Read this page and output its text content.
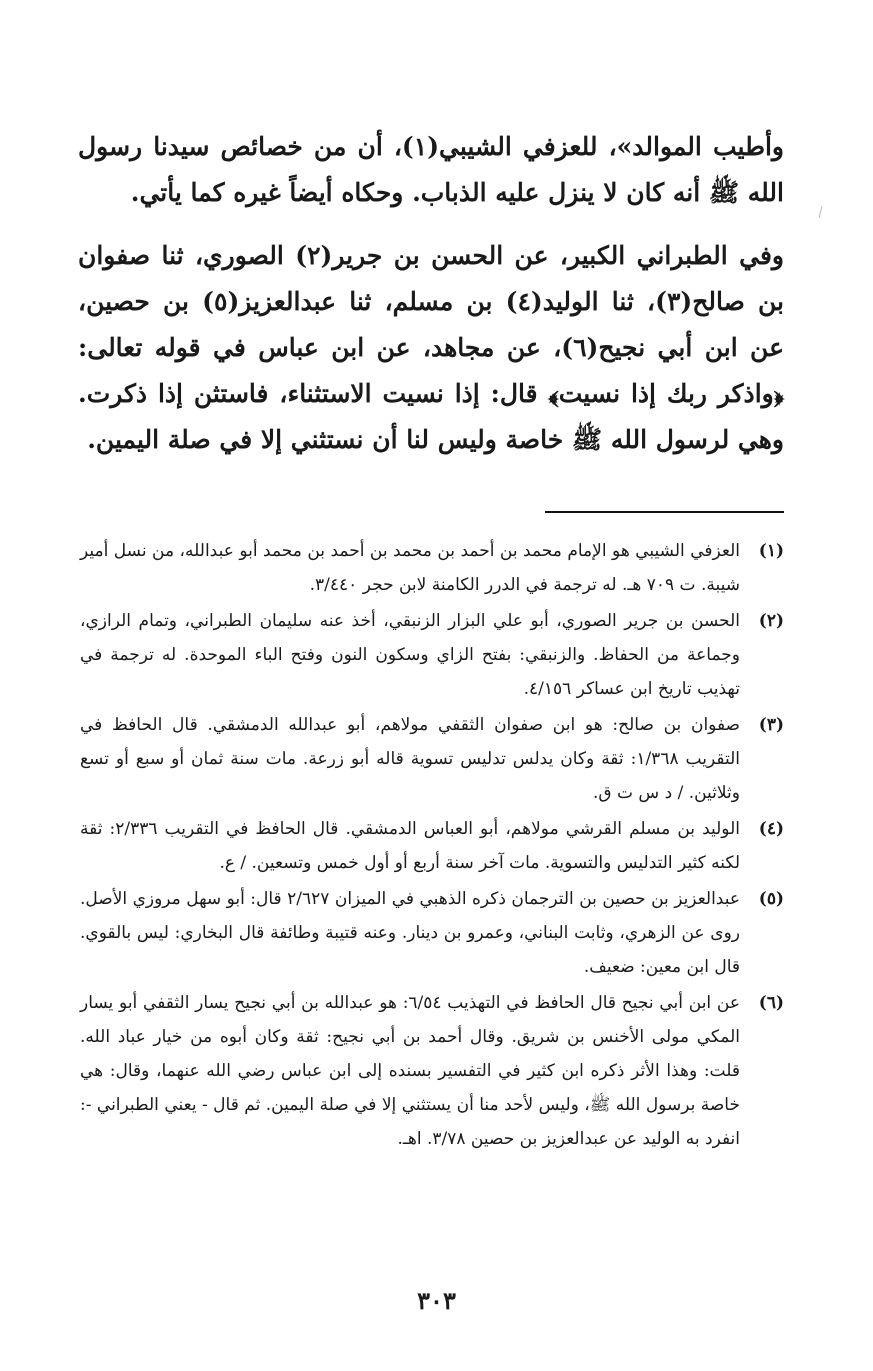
وأطيب الموالد»، للعزفي الشيبي(١)، أن من خصائص سيدنا رسول الله ﷺ أنه كان لا ينزل عليه الذباب. وحكاه أيضاً غيره كما يأتي.

وفي الطبراني الكبير، عن الحسن بن جرير(٢) الصوري، ثنا صفوان بن صالح(٣)، ثنا الوليد(٤) بن مسلم، ثنا عبدالعزيز(٥) بن حصين، عن ابن أبي نجيح(٦)، عن مجاهد، عن ابن عباس في قوله تعالى: ﴿واذكر ربك إذا نسيت﴾ قال: إذا نسيت الاستثناء، فاستثن إذا ذكرت. وهي لرسول الله ﷺ خاصة وليس لنا أن نستثني إلا في صلة اليمين.

(١)
العزفي الشيبي هو الإمام محمد بن أحمد بن محمد بن أحمد بن محمد أبو عبدالله، من نسل أمير شيبة. ت ٧٠٩ هـ. له ترجمة في الدرر الكامنة لابن حجر ٣/٤٤٠.
(٢)
الحسن بن جرير الصوري، أبو علي البزار الزنبقي، أخذ عنه سليمان الطبراني، وتمام الرازي، وجماعة من الحفاظ. والزنبقي: بفتح الزاي وسكون النون وفتح الباء الموحدة. له ترجمة في تهذيب تاريخ ابن عساكر ٤/١٥٦.
(٣)
صفوان بن صالح: هو ابن صفوان الثقفي مولاهم، أبو عبدالله الدمشقي. قال الحافظ في التقريب ١/٣٦٨: ثقة وكان يدلس تدليس تسوية قاله أبو زرعة. مات سنة ثمان أو سبع أو تسع وثلاثين. / د س ت ق.
(٤)
الوليد بن مسلم القرشي مولاهم، أبو العباس الدمشقي. قال الحافظ في التقريب ٢/٣٣٦: ثقة لكنه كثير التدليس والتسوية. مات آخر سنة أربع أو أول خمس وتسعين. / ع.
(٥)
عبدالعزيز بن حصين بن الترجمان ذكره الذهبي في الميزان ٢/٦٢٧ قال: أبو سهل مروزي الأصل. روى عن الزهري، وثابت البناني، وعمرو بن دينار. وعنه قتيبة وطائفة قال البخاري: ليس بالقوي. قال ابن معين: ضعيف.
(٦)
عن ابن أبي نجيح قال الحافظ في التهذيب ٦/٥٤: هو عبدالله بن أبي نجيح يسار الثقفي أبو يسار المكي مولى الأخنس بن شريق. وقال أحمد بن أبي نجيح: ثقة وكان أبوه من خيار عباد الله. قلت: وهذا الأثر ذكره ابن كثير في التفسير بسنده إلى ابن عباس رضي الله عنهما، وقال: هي خاصة برسول الله ﷺ، وليس لأحد منا أن يستثني إلا في صلة اليمين. ثم قال - يعني الطبراني -: انفرد به الوليد عن عبدالعزيز بن حصين ٣/٧٨. اهـ.
٣٠٣
